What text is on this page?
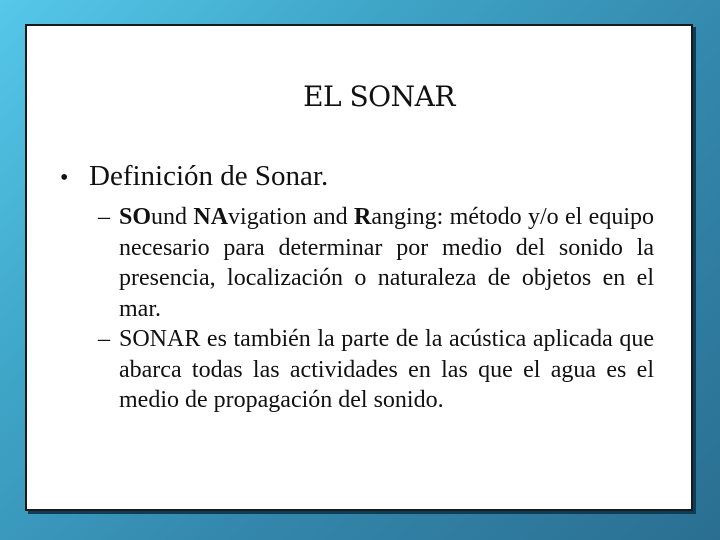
EL SONAR
• Definición de Sonar.
– SOund NAvigation and Ranging: método y/o el equipo necesario para determinar por medio del sonido la presencia, localización o naturaleza de objetos en el mar.
– SONAR es también la parte de la acústica aplicada que abarca todas las actividades en las que el agua es el medio de propagación del sonido.
